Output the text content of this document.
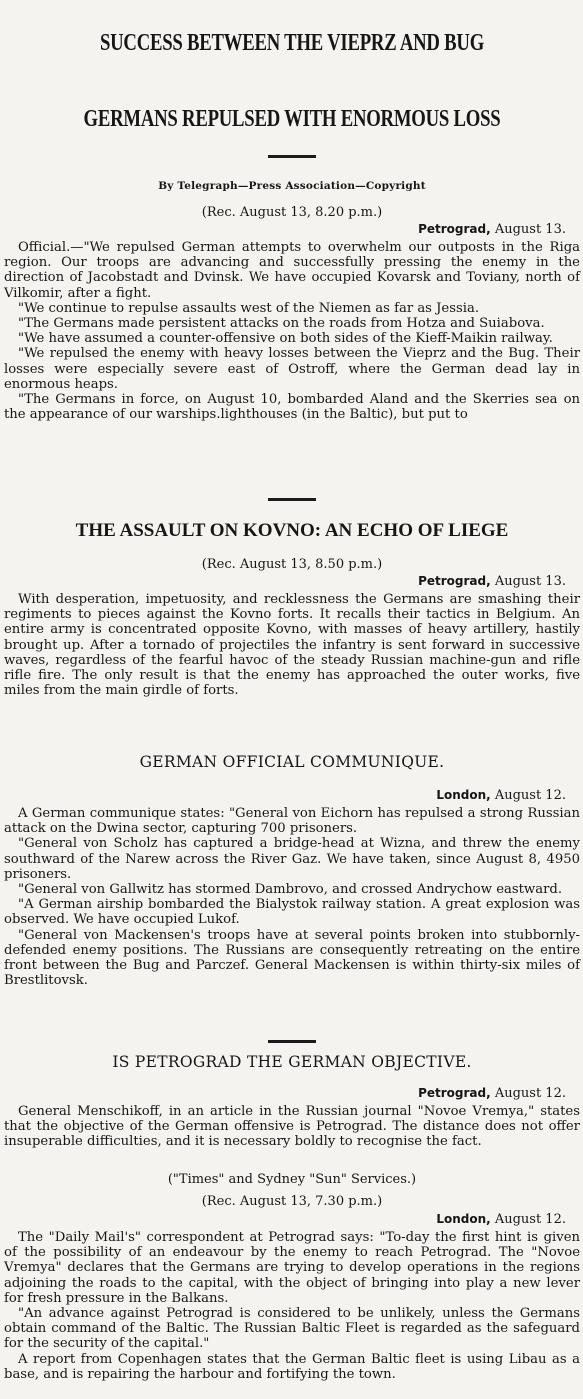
SUCCESS BETWEEN THE VIEPRZ AND BUG
GERMANS REPULSED WITH ENORMOUS LOSS
By Telegraph—Press Association—Copyright
(Rec. August 13, 8.20 p.m.)
Petrograd, August 13.

Official.—"We repulsed German attempts to overwhelm our outposts in the Riga region. Our troops are advancing and successfully pressing the enemy in the direction of Jacobstadt and Dvinsk. We have occupied Kovarsk and Toviany, north of Vilkomir, after a fight.

"We continue to repulse assaults west of the Niemen as far as Jessia.

"The Germans made persistent attacks on the roads from Hotza and Suiabova.

"We have assumed a counter-offensive on both sides of the Kieff-Maikin railway.

"We repulsed the enemy with heavy losses between the Vieprz and the Bug. Their losses were especially severe east of Ostroff, where the German dead lay in enormous heaps.

"The Germans in force, on August 10, bombarded Aland and the Skerries sea on the appearance of our warships.lighthouses (in the Baltic), but put to

THE ASSAULT ON KOVNO: AN ECHO OF LIEGE
(Rec. August 13, 8.50 p.m.)
Petrograd, August 13.

With desperation, impetuosity, and recklessness the Germans are smashing their regiments to pieces against the Kovno forts. It recalls their tactics in Belgium. An entire army is concentrated opposite Kovno, with masses of heavy artillery, hastily brought up. After a tornado of projectiles the infantry is sent forward in successive waves, regardless of the fearful havoc of the steady Russian machine-gun and rifle rifle fire. The only result is that the enemy has approached the outer works, five miles from the main girdle of forts.

GERMAN OFFICIAL COMMUNIQUE.
London, August 12.

A German communique states: "General von Eichorn has repulsed a strong Russian attack on the Dwina sector, capturing 700 prisoners.

"General von Scholz has captured a bridge-head at Wizna, and threw the enemy southward of the Narew across the River Gaz. We have taken, since August 8, 4950 prisoners.

"General von Gallwitz has stormed Dambrovo, and crossed Andrychow eastward.

"A German airship bombarded the Bialystok railway station. A great explosion was observed. We have occupied Lukof.

"General von Mackensen's troops have at several points broken into stubbornly-defended enemy positions. The Russians are consequently retreating on the entire front between the Bug and Parczef. General Mackensen is within thirty-six miles of Brestlitovsk.

IS PETROGRAD THE GERMAN OBJECTIVE.
Petrograd, August 12.

General Menschikoff, in an article in the Russian journal "Novoe Vremya," states that the objective of the German offensive is Petrograd. The distance does not offer insuperable difficulties, and it is necessary boldly to recognise the fact.

("Times" and Sydney "Sun" Services.)
(Rec. August 13, 7.30 p.m.)
London, August 12.

The "Daily Mail's" correspondent at Petrograd says: "To-day the first hint is given of the possibility of an endeavour by the enemy to reach Petrograd. The "Novoe Vremya" declares that the Germans are trying to develop operations in the regions adjoining the roads to the capital, with the object of bringing into play a new lever for fresh pressure in the Balkans.

"An advance against Petrograd is considered to be unlikely, unless the Germans obtain command of the Baltic. The Russian Baltic Fleet is regarded as the safeguard for the security of the capital."

A report from Copenhagen states that the German Baltic fleet is using Libau as a base, and is repairing the harbour and fortifying the town.
